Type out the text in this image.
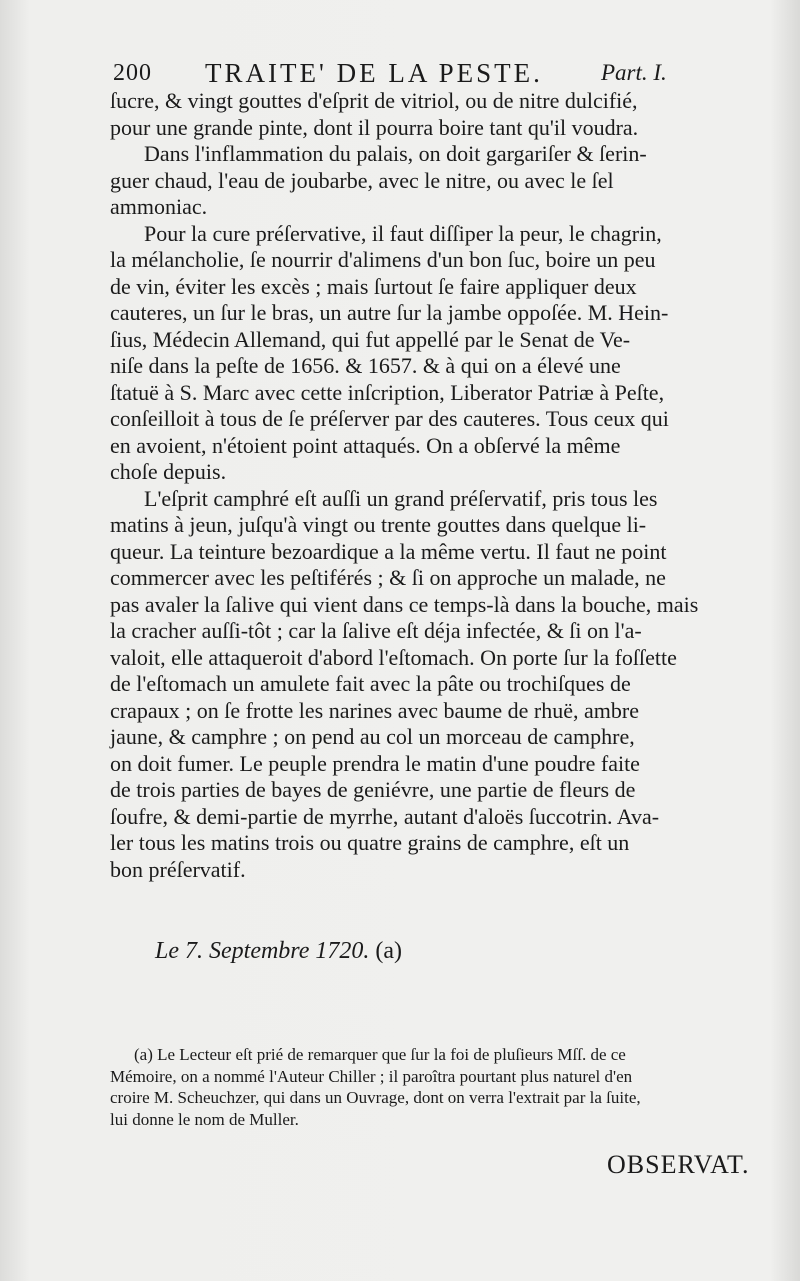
200 TRAITE' DE LA PESTE.	Part. I.
ſucre, & vingt gouttes d'eſprit de vitriol, ou de nitre dulcifié,
pour une grande pinte, dont il pourra boire tant qu'il voudra.
Dans l'inflammation du palais, on doit gargariſer & ſerin-
guer chaud, l'eau de joubarbe, avec le nitre, ou avec le ſel
ammoniac.
Pour la cure préſervative, il faut diſſiper la peur, le chagrin,
la mélancholie, ſe nourrir d'alimens d'un bon ſuc, boire un peu
de vin, éviter les excès ; mais ſurtout ſe faire appliquer deux
cauteres, un ſur le bras, un autre ſur la jambe oppoſée. M. Hein-
ſius, Médecin Allemand, qui fut appellé par le Senat de Ve-
niſe dans la peſte de 1656. & 1657. & à qui on a élevé une
ſtatuë à S. Marc avec cette inſcription, Liberator Patriæ à Peſte,
conſeilloit à tous de ſe préſerver par des cauteres. Tous ceux qui
en avoient, n'étoient point attaqués. On a obſervé la même
choſe depuis.
L'eſprit camphré eſt auſſi un grand préſervatif, pris tous les
matins à jeun, juſqu'à vingt ou trente gouttes dans quelque li-
queur. La teinture bezoardique a la même vertu. Il faut ne point
commercer avec les peſtiférés ; & ſi on approche un malade, ne
pas avaler la ſalive qui vient dans ce temps-là dans la bouche, mais
la cracher auſſi-tôt ; car la ſalive eſt déja infectée, & ſi on l'a-
valoit, elle attaqueroit d'abord l'eſtomach. On porte ſur la foſſette
de l'eſtomach un amulete fait avec la pâte ou trochiſques de
crapaux ; on ſe frotte les narines avec baume de rhuë, ambre
jaune, & camphre ; on pend au col un morceau de camphre,
on doit fumer. Le peuple prendra le matin d'une poudre faite
de trois parties de bayes de geniévre, une partie de fleurs de
ſoufre, & demi-partie de myrrhe, autant d'aloës ſuccotrin. Ava-
ler tous les matins trois ou quatre grains de camphre, eſt un
bon préſervatif.
Le 7. Septembre 1720. (a)
(a) Le Lecteur eſt prié de remarquer que ſur la foi de pluſieurs Mſſ. de ce
Mémoire, on a nommé l'Auteur Chiller ; il paroîtra pourtant plus naturel d'en
croire M. Scheuchzer, qui dans un Ouvrage, dont on verra l'extrait par la ſuite,
lui donne le nom de Muller.
OBSERVAT.
